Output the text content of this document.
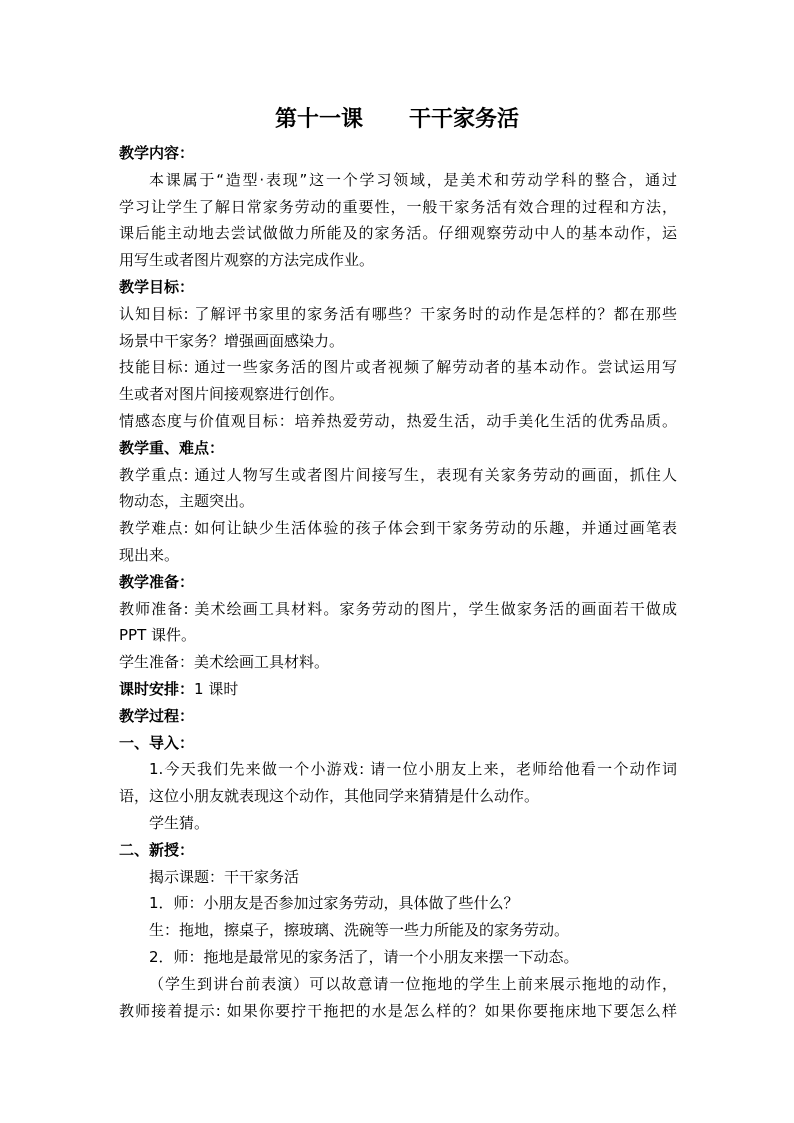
第十一课      干干家务活
教学内容：
本课属于“造型·表现”这一个学习领域，是美术和劳动学科的整合，通过
学习让学生了解日常家务劳动的重要性，一般干家务活有效合理的过程和方法，
课后能主动地去尝试做做力所能及的家务活。仔细观察劳动中人的基本动作，运
用写生或者图片观察的方法完成作业。
教学目标：
认知目标: 了解评书家里的家务活有哪些？干家务时的动作是怎样的？都在那些
场景中干家务？增强画面感染力。
技能目标: 通过一些家务活的图片或者视频了解劳动者的基本动作。尝试运用写
生或者对图片间接观察进行创作。
情感态度与价值观目标：培养热爱劳动，热爱生活，动手美化生活的优秀品质。
教学重、难点：
教学重点: 通过人物写生或者图片间接写生，表现有关家务劳动的画面，抓住人
物动态，主题突出。
教学难点: 如何让缺少生活体验的孩子体会到干家务劳动的乐趣，并通过画笔表
现出来。
教学准备：
教师准备: 美术绘画工具材料。家务劳动的图片，学生做家务活的画面若干做成
PPT 课件。
学生准备：美术绘画工具材料。
课时安排：1 课时
教学过程：
一、导入：
1.今天我们先来做一个小游戏: 请一位小朋友上来，老师给他看一个动作词
语，这位小朋友就表现这个动作，其他同学来猜猜是什么动作。
学生猜。
二、新授：
揭示课题：干干家务活
1．师：小朋友是否参加过家务劳动，具体做了些什么？
生：拖地，擦桌子，擦玻璃、洗碗等一些力所能及的家务劳动。
2．师：拖地是最常见的家务活了，请一个小朋友来摆一下动态。
（学生到讲台前表演）可以故意请一位拖地的学生上前来展示拖地的动作，
教师接着提示: 如果你要拧干拖把的水是怎么样的？如果你要拖床地下要怎么样
